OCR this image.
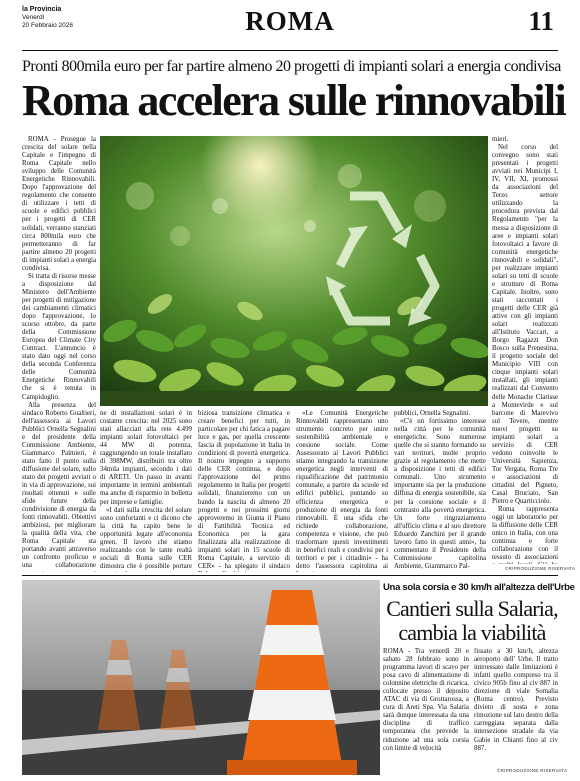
la Provincia
Venerdì
20 Febbraio 2026	ROMA	11
Pronti 800mila euro per far partire almeno 20 progetti di impianti solari a energia condivisa
Roma accelera sulle rinnovabili

ROMA - Prosegue la crescita del solare nella Capitale e l'impegno di Roma Capitale nello sviluppo delle Comunità Energetiche Rinnovabili. Dopo l'approvazione del regolamento che consente di utilizzare i tetti di scuole e edifici pubblici per i progetti di CER solidali, verranno stanziati circa 800mila euro che permetteranno di far partire almeno 20 progetti di impianti solari a energia condivisa.

Si tratta di risorse messe a disposizione dal Ministero dell'Ambiente per progetti di mitigazione dei cambiamenti climatici dopo l'approvazione, lo scorso ottobre, da parte della Commissione Europea del Climate City Contract. L'annuncio è stato dato oggi nel corso della seconda Conferenza delle Comunità Energetiche Rinnovabili che si è tenuta in Campidoglio.

Alla presenza del sindaco Roberto Gualtieri, dell'assessora ai Lavori Pubblici Ornella Segnalini e del presidente della Commissione Ambiente, Giammarco Palmieri, è stato fatto il punto sulla diffusione del solare, sullo stato dei progetti avviati o in via di approvazione, sui risultati ottenuti e sulle sfide future della condivisione di energia da fonti rinnovabili. Obiettivi ambiziosi, per migliorare la qualità della vita, che Roma Capitale sta portando avanti attraverso un confronto proficuo e una collaborazione

ne di installazioni solari è in costante crescita: nel 2025 sono stati allacciati alla rete 4.499 impianti solari fotovoltaici per 44 MW di potenza, raggiungendo un totale installato di 398MW, distribuiti tra oltre 34mila impianti, secondo i dati di ARETI. Un passo in avanti importante in termini ambientali ma anche di risparmio in bolletta per imprese e famiglie.

«I dati sulla crescita del solare sono confortanti e ci dicono che la città ha capito bene le opportunità legate all'economia green. Il lavoro che stiamo realizzando con le tante realtà sociali di Roma sulle CER dimostra che è possibile portare

biziosa transizione climatica e creare benefici per tutti, in particolare per chi fatica a pagare luce e gas, per quella crescente fascia di popolazione in Italia in condizioni di povertà energetica. Il nostro impegno a supporto delle CER continua, e dopo l'approvazione del primo regolamento in Italia per progetti solidali, finanzieremo con un bando la nascita di almeno 20 progetti e nei prossimi giorni approveremo in Giunta il Piano di Fattibilità Tecnica ed Economica per la gara finalizzata alla realizzazione di impianti solari in 15 scuole di Roma Capitale, a servizio di CER» - ha spiegato il sindaco

«Le Comunità Energetiche Rinnovabili rappresentano uno strumento concreto per unire sostenibilità ambientale e coesione sociale. Come Assessorato ai Lavori Pubblici stiamo integrando la transizione energetica negli interventi di riqualificazione del patrimonio comunale, a partire da scuole ed edifici pubblici, puntando su efficienza energetica e produzione di energia da fonti rinnovabili. È una sfida che richiede collaborazione, competenza e visione, che può trasformare questi investimenti in benefici reali e condivisi per i territori e per i cittadini» - ha detto l'assessora capitolina ai

pubblici, Ornella Segnalini.

«C'è un fortissimo interesse nella città per le comunità energetiche. Sono numerose quelle che si stanno formando su vari territori, molte proprio grazie al regolamento che mette a disposizione i tetti di edifici comunali. Uno strumento importante sia per la produzione diffusa di energia sostenibile, sia per la coesione sociale e il contrasto alla povertà energetica. Un forte ringraziamento all'ufficio clima e al suo direttore Edoardo Zanchini per il grande lavoro fatto in questi anni», ha commentato il Presidente della Commissione capitolina Ambiente, Giammarco Pal-

mieri.

Nel corso del convegno sono stati presentati i progetti avviati nei Municipi I, IV, VII, XI, promossi da associazioni del Terzo settore utilizzando la procedura prevista dal Regolamento "per la messa a disposizione di aree e impianti solari fotovoltaici a favore di comunità energetiche rinnovabili e solidali", per realizzare impianti solari su tetti di scuole e strutture di Roma Capitale. Inoltre, sono stati raccontati i progetti delle CER già attive con gli impianti solari realizzati all'Istituto Vaccari, a Borgo Ragazzi Don Bosco sulla Prenestina, il progetto sociale del Municipio VIII con cinque impianti solari installati, gli impianti realizzati dal Convento delle Monache Clarisse a Montevirde e sul barcone di Marevivo sul Tevere, mentre nuovi progetti su impianti solari a servizio di CER vedono coinvolte le Università Sapienza, Tor Vergata, Roma Tre e associazioni di cittadini del Pigneto, Casal Bruciato, San Pietro e Quarticciolo.

Roma rappresenta oggi un laboratorio per la diffusione delle CER unico in Italia, con una continua e forte collaborazione con il tessuto di associazioni

©RIPRODUZIONE RISERVATA
Una sola corsia e 30 km/h all'altezza dell'Urbe
Cantieri sulla Salaria, cambia la viabilità

ROMA - Tra venerdì 20 e sabato 28 febbraio sono in programma lavori di scavo per posa cavo di alimentazione di colonnine elettriche di ricarica, collocate presso il deposito ATAC di via di Grottarossa, a cura di Areti Spa. Via Salaria sarà dunque interessata da una disciplina di traffico temporanea che prevede la riduzione ad una sola corsia con limite di velocità

fissato a 30 km/h, altezza aeroporto dell' Urbe. Il tratto interessato dalle limitazioni è infatti quello compreso tra il civico 905b fino al civ 887 in direzione di viale Somalia (Roma centro). Previsto divieto di sosta e zona rimozione sul lato destro della carreggiata separata dalla intersezione stradale da via Gabie in Chianti fino al civ 887.

©RIPRODUZIONE RISERVATA
